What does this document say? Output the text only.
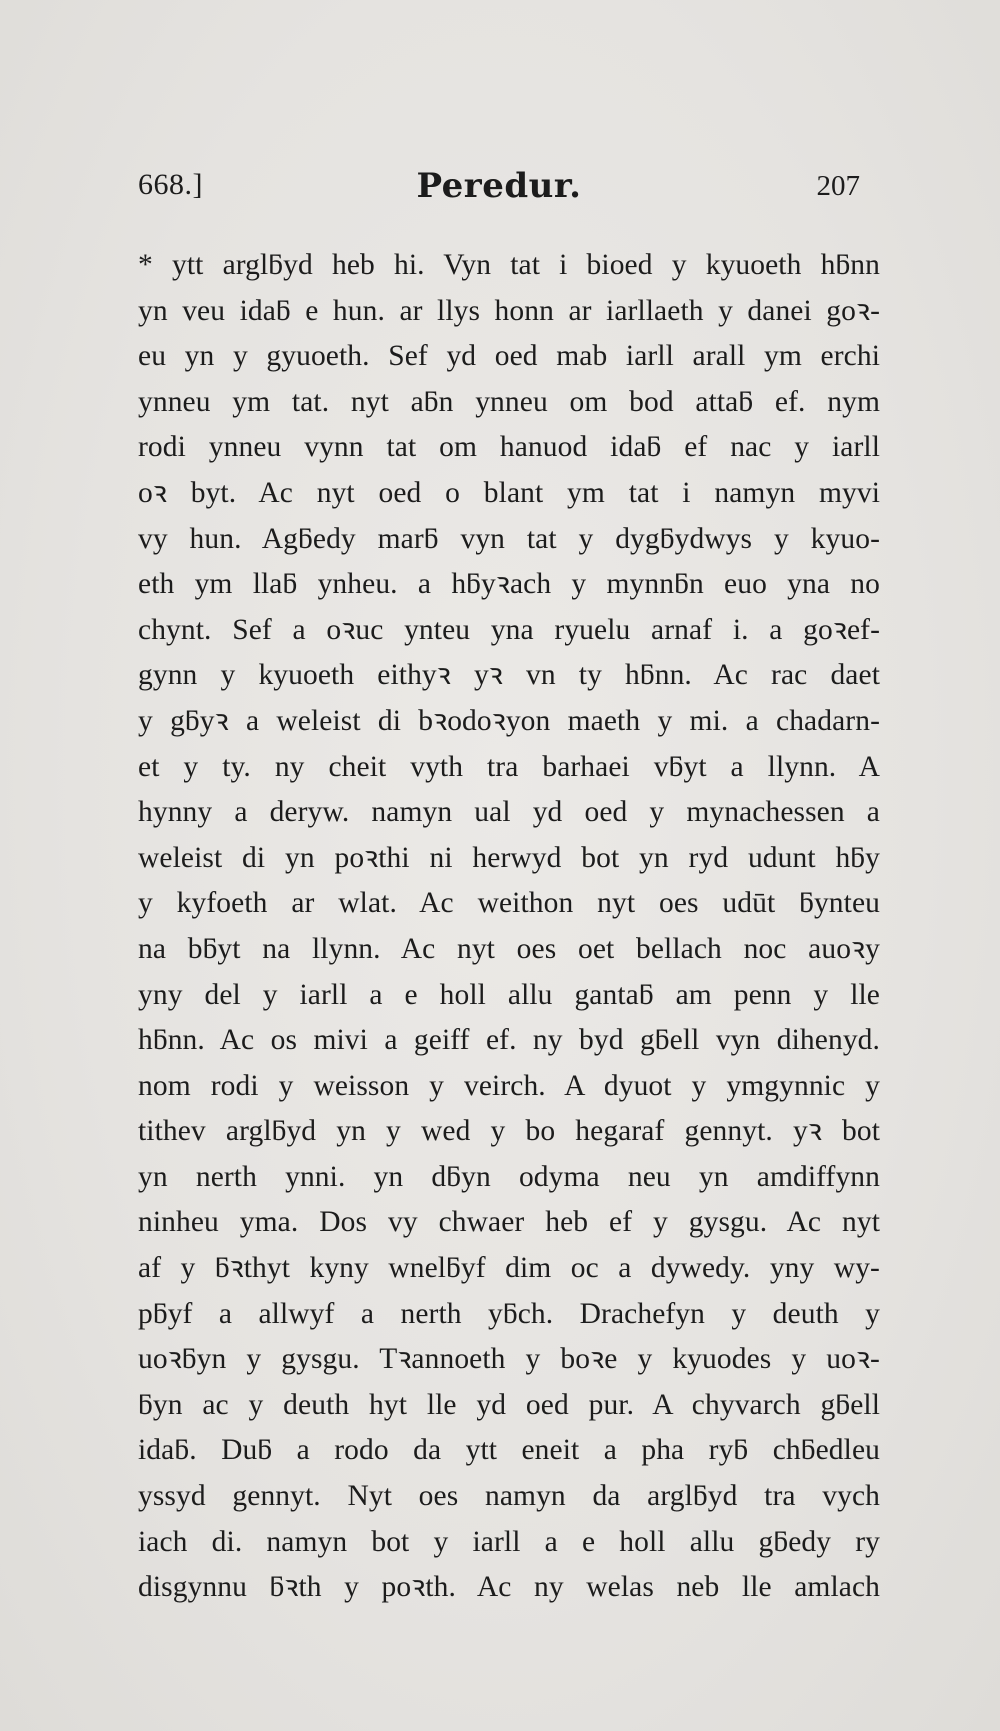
668.]	Peredur.	207
* ytt arglƃyd heb hi. Vyn tat i bioed y kyuoeth hƃnn
yn veu idaƃ e hun. ar llys honn ar iarllaeth y danei goꝛ-
eu yn y gyuoeth. Sef yd oed mab iarll arall ym erchi
ynneu ym tat. nyt aƃn ynneu om bod attaƃ ef. nym
rodi ynneu vynn tat om hanuod idaƃ ef nac y iarll
oꝛ byt. Ac nyt oed o blant ym tat i namyn myvi
vy hun. Agƃedy marƃ vyn tat y dygƃydwys y kyuo-
eth ym llaƃ ynheu. a hƃyꝛach y mynnƃn euo yna no
chynt. Sef a oꝛuc ynteu yna ryuelu arnaf i. a goꝛef-
gynn y kyuoeth eithyꝛ yꝛ vn ty hƃnn. Ac rac daet
y gƃyꝛ a weleist di bꝛodoꝛyon maeth y mi. a chadarn-
et y ty. ny cheit vyth tra barhaei vƃyt a llynn. A
hynny a deryw. namyn ual yd oed y mynachessen a
weleist di yn poꝛthi ni herwyd bot yn ryd udunt hƃy
y kyfoeth ar wlat. Ac weithon nyt oes udūt ƃynteu
na bƃyt na llynn. Ac nyt oes oet bellach noc auoꝛy
yny del y iarll a e holl allu gantaƃ am penn y lle
hƃnn. Ac os mivi a geiff ef. ny byd gƃell vyn dihenyd.
nom rodi y weisson y veirch. A dyuot y ymgynnic y
tithev arglƃyd yn y wed y bo hegaraf gennyt. yꝛ bot
yn nerth ynni. yn dƃyn odyma neu yn amdiffynn
ninheu yma. Dos vy chwaer heb ef y gysgu. Ac nyt
af y ƃꝛthyt kyny wnelƃyf dim oc a dywedy. yny wy-
pƃyf a allwyf a nerth yƃch. Drachefyn y deuth y
uoꝛƃyn y gysgu. Tꝛannoeth y boꝛe y kyuodes y uoꝛ-
ƃyn ac y deuth hyt lle yd oed pur. A chyvarch gƃell
idaƃ. Duƃ a rodo da ytt eneit a pha ryƃ chƃedleu
yssyd gennyt. Nyt oes namyn da arglƃyd tra vych
iach di. namyn bot y iarll a e holl allu gƃedy ry
disgynnu ƃꝛth y poꝛth. Ac ny welas neb lle amlach
